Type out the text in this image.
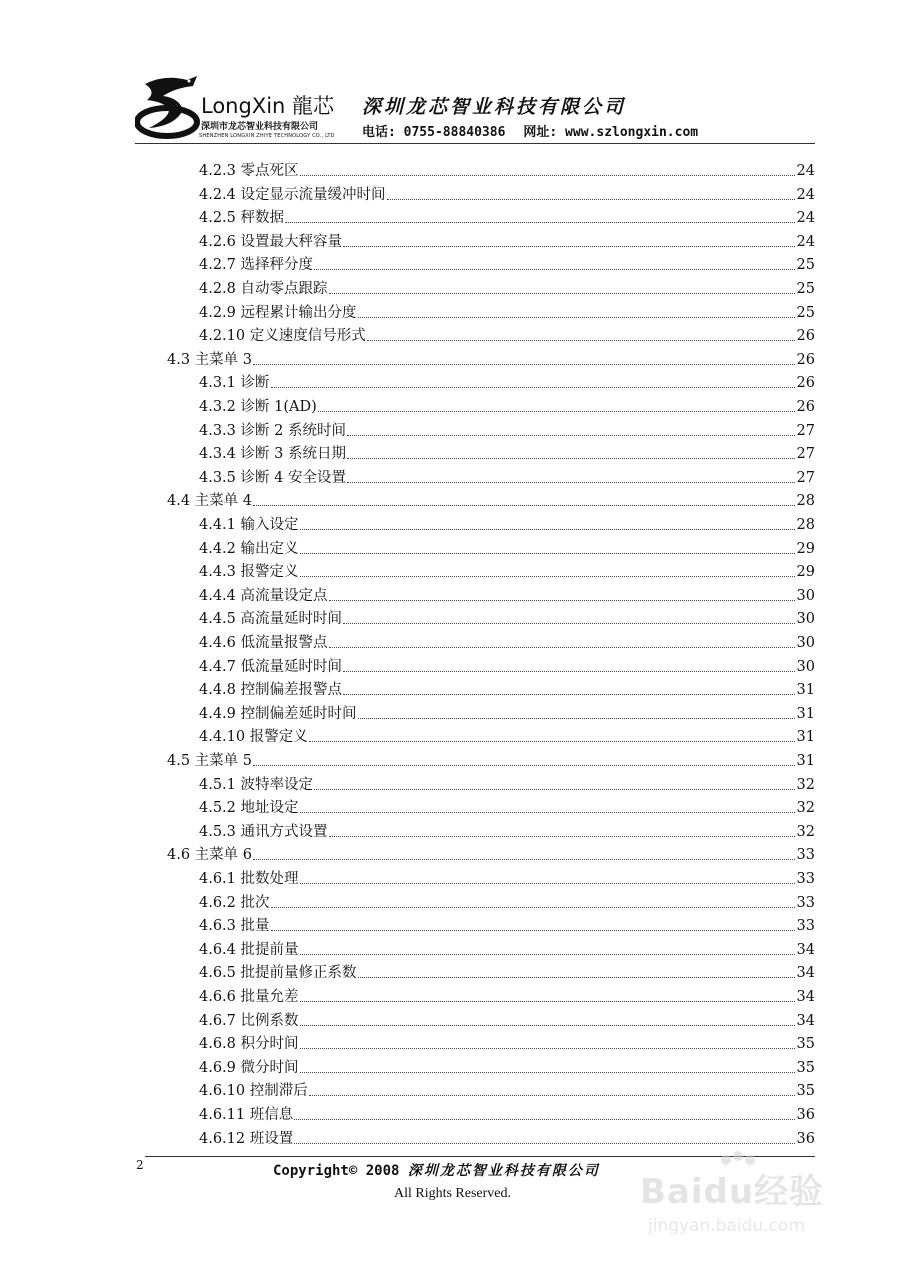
LongXin 龍芯
深圳市龙芯智业科技有限公司
SHENZHEN LONGXIN ZHIYE TECHNOLOGY CO., LTD
深圳龙芯智业科技有限公司
电话: 0755-88840386 网址: www.szlongxin.com
4.2.3 零点死区	24
4.2.4 设定显示流量缓冲时间	24
4.2.5 秤数据	24
4.2.6 设置最大秤容量	24
4.2.7 选择秤分度	25
4.2.8 自动零点跟踪	25
4.2.9 远程累计输出分度	25
4.2.10 定义速度信号形式	26
4.3 主菜单 3	26
4.3.1 诊断	26
4.3.2 诊断 1(AD)	26
4.3.3 诊断 2 系统时间	27
4.3.4 诊断 3 系统日期	27
4.3.5 诊断 4 安全设置	27
4.4 主菜单 4	28
4.4.1 输入设定	28
4.4.2 输出定义	29
4.4.3 报警定义	29
4.4.4 高流量设定点	30
4.4.5 高流量延时时间	30
4.4.6 低流量报警点	30
4.4.7 低流量延时时间	30
4.4.8 控制偏差报警点	31
4.4.9 控制偏差延时时间	31
4.4.10 报警定义	31
4.5 主菜单 5	31
4.5.1 波特率设定	32
4.5.2 地址设定	32
4.5.3 通讯方式设置	32
4.6 主菜单 6	33
4.6.1 批数处理	33
4.6.2 批次	33
4.6.3 批量	33
4.6.4 批提前量	34
4.6.5 批提前量修正系数	34
4.6.6 批量允差	34
4.6.7 比例系数	34
4.6.8 积分时间	35
4.6.9 微分时间	35
4.6.10 控制滞后	35
4.6.11 班信息	36
4.6.12 班设置	36
2	Copyright© 2008 深圳龙芯智业科技有限公司
All Rights Reserved.	Baidu经验
jingyan.baidu.com
